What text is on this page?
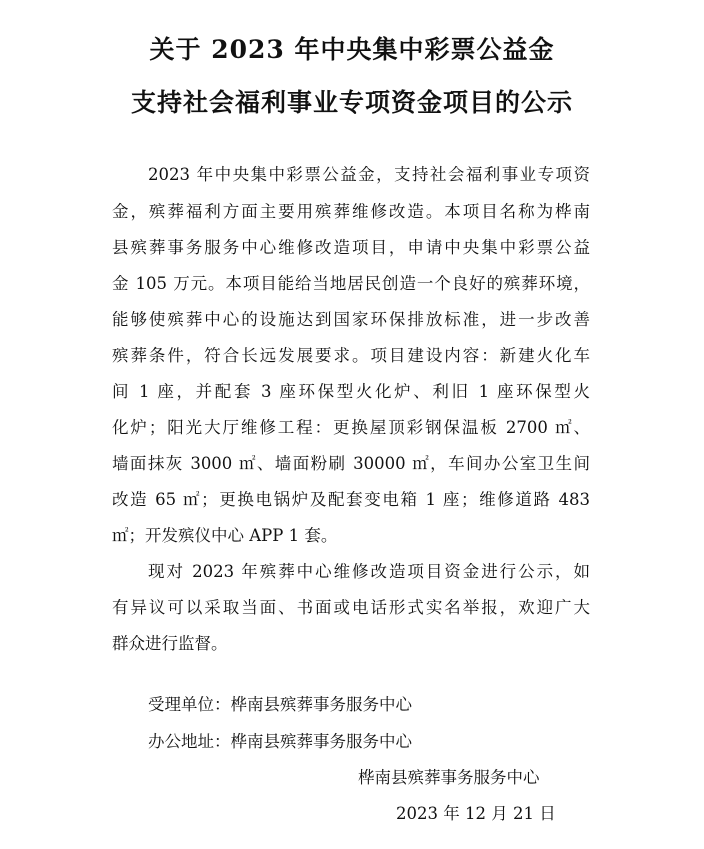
关于 2023 年中央集中彩票公益金
支持社会福利事业专项资金项目的公示
2023 年中央集中彩票公益金，支持社会福利事业专项资
金，殡葬福利方面主要用殡葬维修改造。本项目名称为桦南
县殡葬事务服务中心维修改造项目，申请中央集中彩票公益
金 105 万元。本项目能给当地居民创造一个良好的殡葬环境，
能够使殡葬中心的设施达到国家环保排放标准，进一步改善
殡葬条件，符合长远发展要求。项目建设内容：新建火化车
间 1 座，并配套 3 座环保型火化炉、利旧 1 座环保型火
化炉；阳光大厅维修工程：更换屋顶彩钢保温板 2700 ㎡、
墙面抹灰 3000 ㎡、墙面粉刷 30000 ㎡，车间办公室卫生间
改造 65 ㎡；更换电锅炉及配套变电箱 1 座；维修道路 483
㎡；开发殡仪中心 APP 1 套。
现对 2023 年殡葬中心维修改造项目资金进行公示，如
有异议可以采取当面、书面或电话形式实名举报，欢迎广大
群众进行监督。
受理单位：桦南县殡葬事务服务中心
办公地址：桦南县殡葬事务服务中心
桦南县殡葬事务服务中心
2023 年 12 月 21 日
